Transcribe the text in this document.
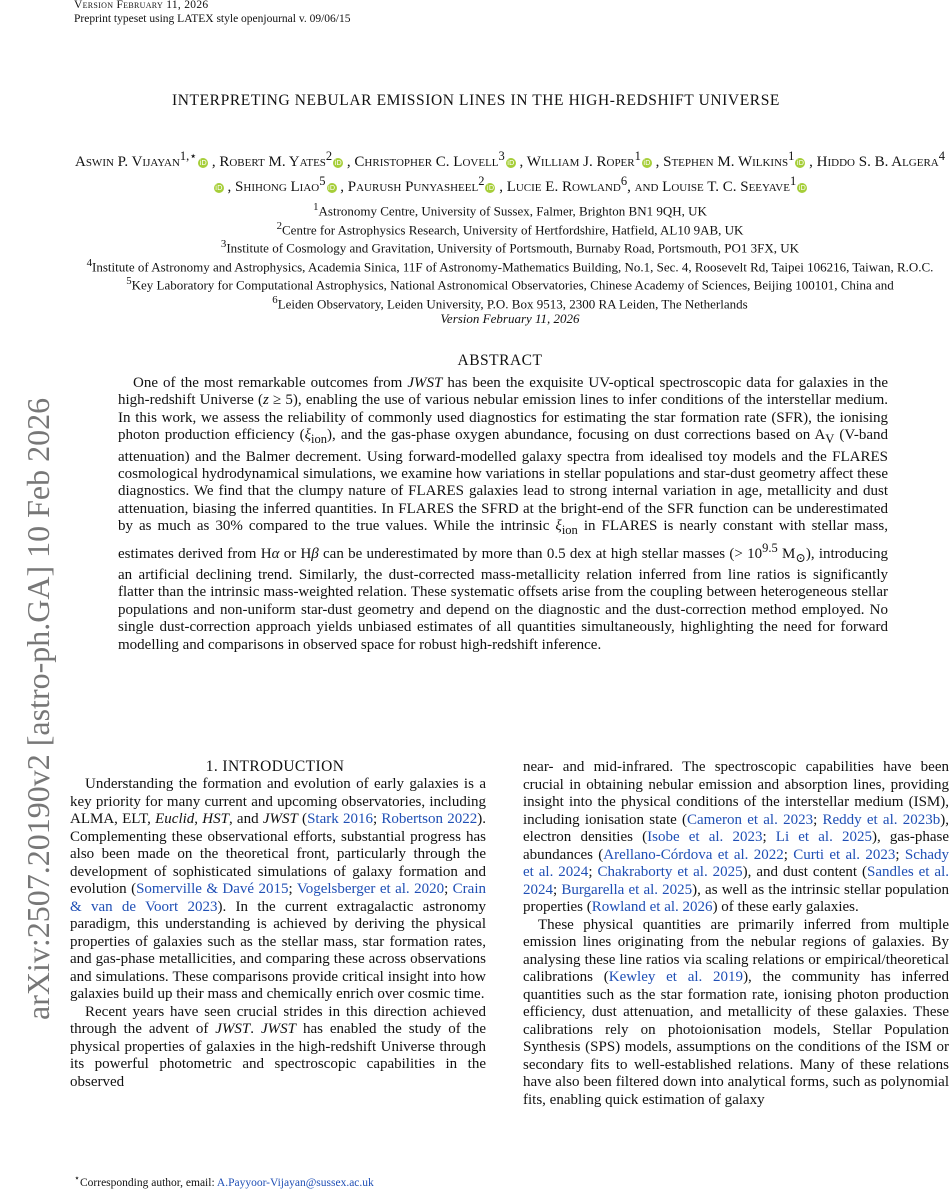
Version February 11, 2026
Preprint typeset using LATEX style openjournal v. 09/06/15
arXiv:2507.20190v2 [astro-ph.GA] 10 Feb 2026
INTERPRETING NEBULAR EMISSION LINES IN THE HIGH-REDSHIFT UNIVERSE
Aswin P. Vijayan$^{1,⋆}$ iD , Robert M. Yates$^2$ iD , Christopher C. Lovell$^3$ iD , William J. Roper$^1$ iD , Stephen M. Wilkins$^1$ iD , Hiddo S. B. Algera$^4$iD , Shihong Liao$^5$ iD , Paurush Punyasheel$^2$ iD , Lucie E. Rowland$^6$, and Louise T. C. Seeyave$^1$ iD
$^1$Astronomy Centre, University of Sussex, Falmer, Brighton BN1 9QH, UK
$^2$Centre for Astrophysics Research, University of Hertfordshire, Hatfield, AL10 9AB, UK
$^3$Institute of Cosmology and Gravitation, University of Portsmouth, Burnaby Road, Portsmouth, PO1 3FX, UK
$^4$Institute of Astronomy and Astrophysics, Academia Sinica, 11F of Astronomy-Mathematics Building, No.1, Sec. 4, Roosevelt Rd, Taipei 106216, Taiwan, R.O.C.
$^5$Key Laboratory for Computational Astrophysics, National Astronomical Observatories, Chinese Academy of Sciences, Beijing 100101, China and
$^6$Leiden Observatory, Leiden University, P.O. Box 9513, 2300 RA Leiden, The Netherlands
Version February 11, 2026
ABSTRACT
One of the most remarkable outcomes from JWST has been the exquisite UV-optical spectroscopic data for galaxies in the high-redshift Universe (z ≥ 5), enabling the use of various nebular emission lines to infer conditions of the interstellar medium. In this work, we assess the reliability of commonly used diagnostics for estimating the star formation rate (SFR), the ionising photon production efficiency $(\xi_{ion})$, and the gas-phase oxygen abundance, focusing on dust corrections based on $A_V$ (V-band attenuation) and the Balmer decrement. Using forward-modelled galaxy spectra from idealised toy models and the FLARES cosmological hydrodynamical simulations, we examine how variations in stellar populations and star-dust geometry affect these diagnostics. We find that the clumpy nature of FLARES galaxies lead to strong internal variation in age, metallicity and dust attenuation, biasing the inferred quantities. In FLARES the SFRD at the bright-end of the SFR function can be underestimated by as much as 30% compared to the true values. While the intrinsic $\xi_{ion}$ in FLARES is nearly constant with stellar mass, estimates derived from Hα or Hβ can be underestimated by more than 0.5 dex at high stellar masses (> $10^{9.5}$ $M_⊙$), introducing an artificial declining trend. Similarly, the dust-corrected mass-metallicity relation inferred from line ratios is significantly flatter than the intrinsic mass-weighted relation. These systematic offsets arise from the coupling between heterogeneous stellar populations and non-uniform star-dust geometry and depend on the diagnostic and the dust-correction method employed. No single dust-correction approach yields unbiased estimates of all quantities simultaneously, highlighting the need for forward modelling and comparisons in observed space for robust high-redshift inference.
1. INTRODUCTION

Understanding the formation and evolution of early galaxies is a key priority for many current and upcoming observatories, including ALMA, ELT, Euclid, HST, and JWST (Stark 2016; Robertson 2022). Complementing these observational efforts, substantial progress has also been made on the theoretical front, particularly through the development of sophisticated simulations of galaxy formation and evolution (Somerville & Davé 2015; Vogelsberger et al. 2020; Crain & van de Voort 2023). In the current extragalactic astronomy paradigm, this understanding is achieved by deriving the physical properties of galaxies such as the stellar mass, star formation rates, and gas-phase metallicities, and comparing these across observations and simulations. These comparisons provide critical insight into how galaxies build up their mass and chemically enrich over cosmic time.

Recent years have seen crucial strides in this direction achieved through the advent of JWST. JWST has enabled the study of the physical properties of galaxies in the high-redshift Universe through its powerful photometric and spectroscopic capabilities in the observed

near- and mid-infrared. The spectroscopic capabilities have been crucial in obtaining nebular emission and absorption lines, providing insight into the physical conditions of the interstellar medium (ISM), including ionisation state (Cameron et al. 2023; Reddy et al. 2023b), electron densities (Isobe et al. 2023; Li et al. 2025), gas-phase abundances (Arellano-Córdova et al. 2022; Curti et al. 2023; Schady et al. 2024; Chakraborty et al. 2025), and dust content (Sandles et al. 2024; Burgarella et al. 2025), as well as the intrinsic stellar population properties (Rowland et al. 2026) of these early galaxies.

These physical quantities are primarily inferred from multiple emission lines originating from the nebular regions of galaxies. By analysing these line ratios via scaling relations or empirical/theoretical calibrations (Kewley et al. 2019), the community has inferred quantities such as the star formation rate, ionising photon production efficiency, dust attenuation, and metallicity of these galaxies. These calibrations rely on photoionisation models, Stellar Population Synthesis (SPS) models, assumptions on the conditions of the ISM or secondary fits to well-established relations. Many of these relations have also been filtered down into analytical forms, such as polynomial fits, enabling quick estimation of galaxy

⋆Corresponding author, email: A.Payyoor-Vijayan@sussex.ac.uk
